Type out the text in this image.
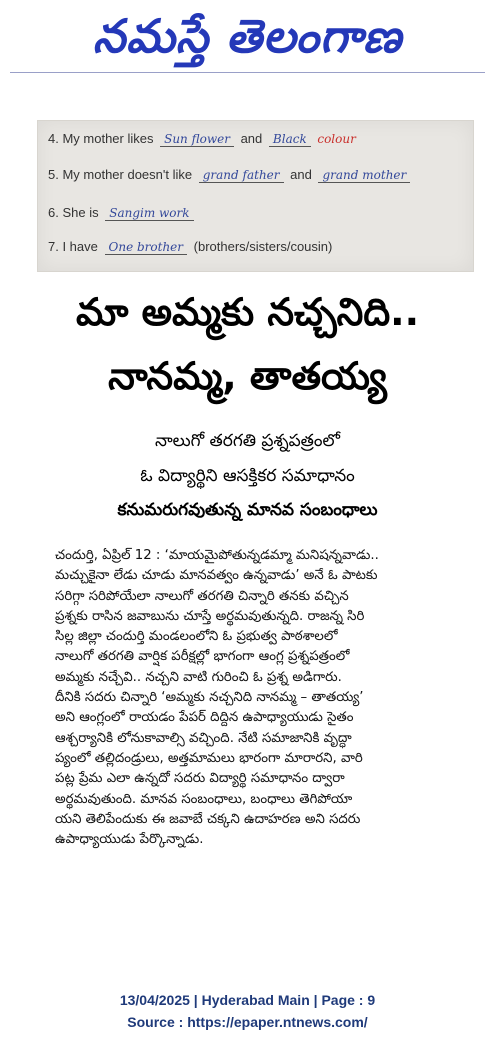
నమస్తే తెలంగాణ
4. My mother likes Sun flower and Black colour
5. My mother doesn't like grand father and grand mother
6. She is Sangim work
7. I have One brother (brothers/sisters/cousin)
మా అమ్మకు నచ్చనిది..
నానమ్మ, తాతయ్య
నాలుగో తరగతి ప్రశ్నపత్రంలో
ఓ విద్యార్థిని ఆసక్తికర సమాధానం
కనుమరుగవుతున్న మానవ సంబంధాలు
చందుర్తి, ఏప్రిల్ 12 : ‘మాయమైపోతున్నడమ్మా మనిషన్నవాడు..
మచ్చుకైనా లేడు చూడు మానవత్వం ఉన్నవాడు’ అనే ఓ పాటకు
సరిగ్గా సరిపోయేలా నాలుగో తరగతి చిన్నారి తనకు వచ్చిన
ప్రశ్నకు రాసిన జవాబును చూస్తే అర్థమవుతున్నది. రాజన్న సిరి
సిల్ల జిల్లా చందుర్తి మండలంలోని ఓ ప్రభుత్వ పాఠశాలలో
నాలుగో తరగతి వార్షిక పరీక్షల్లో భాగంగా ఆంగ్ల ప్రశ్నపత్రంలో
అమ్మకు నచ్చేవి.. నచ్చని వాటి గురించి ఓ ప్రశ్న అడిగారు.
దీనికి సదరు చిన్నారి ‘అమ్మకు నచ్చనిది నానమ్మ – తాతయ్య’
అని ఆంగ్లంలో రాయడం పేపర్ దిద్దిన ఉపాధ్యాయుడు సైతం
ఆశ్చర్యానికి లోనుకావాల్సి వచ్చింది. నేటి సమాజానికి వృద్ధా
ప్యంలో తల్లిదండ్రులు, అత్తమామలు భారంగా మారారని, వారి
పట్ల ప్రేమ ఎలా ఉన్నదో సదరు విద్యార్థి సమాధానం ద్వారా
అర్థమవుతుంది. మానవ సంబంధాలు, బంధాలు తెగిపోయా
యని తెలిపేందుకు ఈ జవాబే చక్కని ఉదాహరణ అని సదరు
ఉపాధ్యాయుడు పేర్కొన్నాడు.
13/04/2025 | Hyderabad Main | Page : 9
Source : https://epaper.ntnews.com/
